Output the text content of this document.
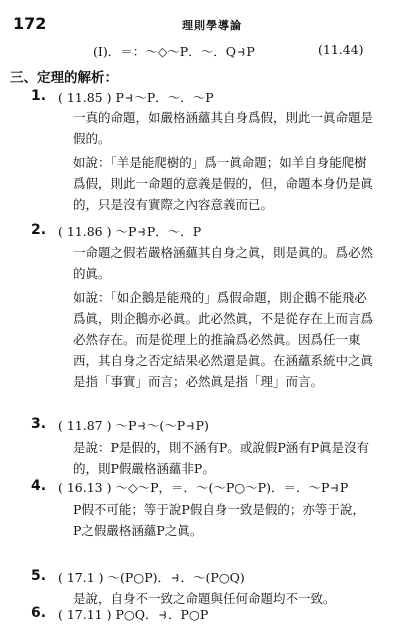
172	理則學導論
(I)．＝：～◇～P．～．Q⥽P	(11.44)
三、定理的解析：
1. ( 11.85 ) P⥽～P．～．～P

一真的命題，如嚴格涵蘊其自身爲假，則此一眞命題是假的。

如說：「羊是能爬樹的」爲一眞命題；如羊自身能爬樹爲假，則此一命題的意義是假的，但，命題本身仍是眞的，只是沒有實際之內容意義而已。

2. ( 11.86 ) ～P⥽P．～．P

一命題之假若嚴格涵蘊其自身之眞，則是眞的。爲必然的眞。

如說：「如企鵝是能飛的」爲假命題，則企鵝不能飛必爲眞，則企鵝亦必眞。此必然眞，不是從存在上而言爲必然存在。而是從理上的推論爲必然眞。因爲任一東西，其自身之否定結果必然還是眞。在涵蘊系統中之眞是指「事實」而言；必然眞是指「理」而言。

3. ( 11.87 ) ～P⥽～(～P⥽P)

是說：P是假的，則不涵有P。或說假P涵有P眞是沒有的，則P假嚴格涵蘊非P。

4. ( 16.13 ) ～◇～P，＝．～(～P○～P)．＝．～P⥽P

P假不可能；等于說P假自身一致是假的；亦等于說，P之假嚴格涵蘊P之眞。

5. ( 17.1 ) ～(P○P)．⥽．～(P○Q)

是說，自身不一致之命題與任何命題均不一致。

6. ( 17.11 ) P○Q．⥽．P○P
